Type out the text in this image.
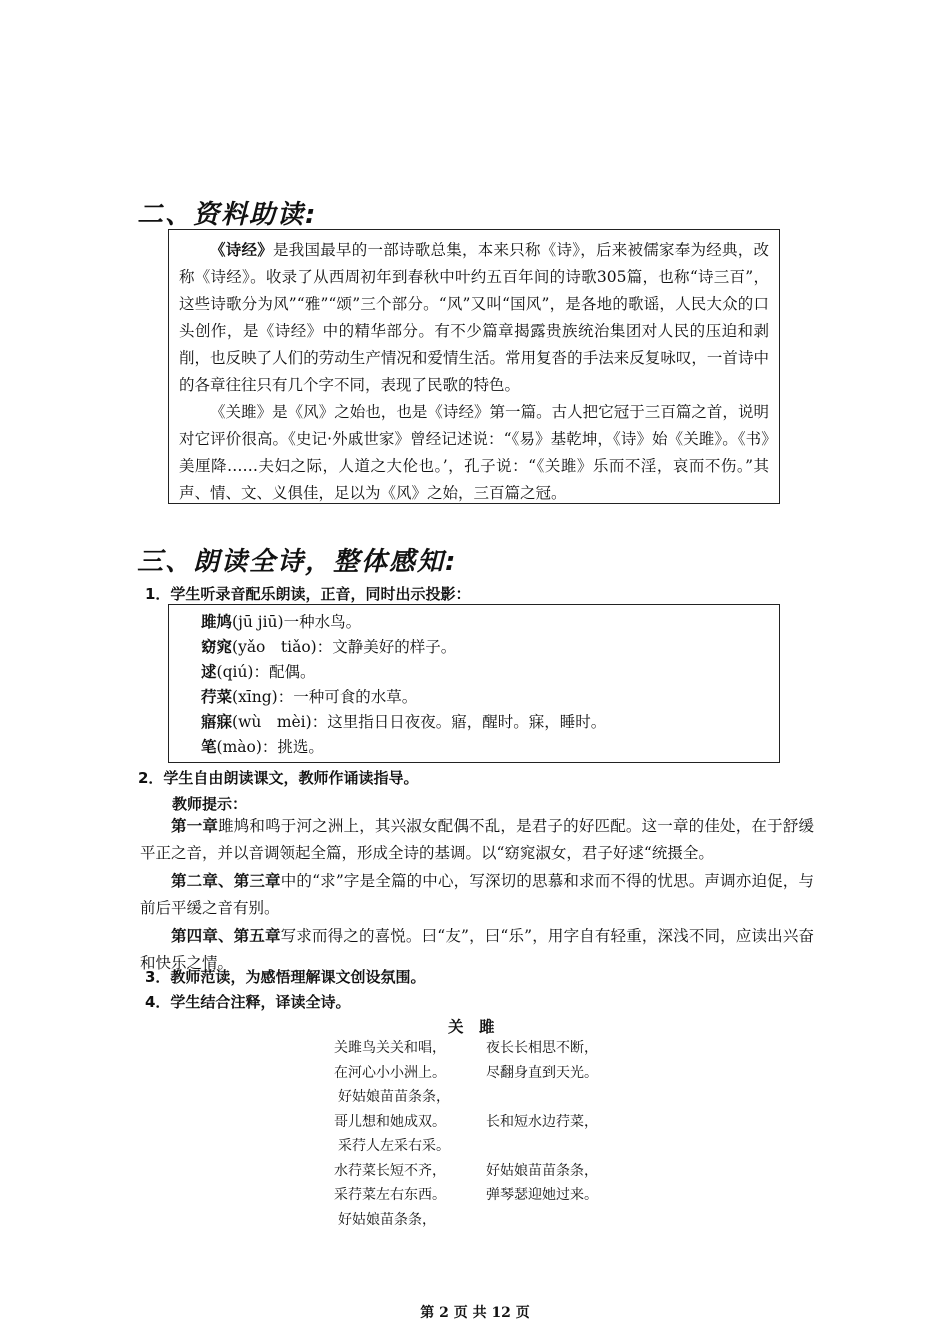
二、资料助读:

《诗经》是我国最早的一部诗歌总集，本来只称《诗》，后来被儒家奉为经典，改称《诗经》。收录了从西周初年到春秋中叶约五百年间的诗歌305篇，也称“诗三百”，这些诗歌分为风”“雅”“颂”三个部分。“风”又叫“国风”，是各地的歌谣，人民大众的口头创作，是《诗经》中的精华部分。有不少篇章揭露贵族统治集团对人民的压迫和剥削，也反映了人们的劳动生产情况和爱情生活。常用复沓的手法来反复咏叹，一首诗中的各章往往只有几个字不同，表现了民歌的特色。

《关雎》是《风》之始也，也是《诗经》第一篇。古人把它冠于三百篇之首，说明对它评价很高。《史记·外戚世家》曾经记述说：“《易》基乾坤，《诗》始《关雎》。《书》美厘降……夫妇之际，人道之大伦也。’，孔子说：“《关雎》乐而不淫，哀而不伤。”其声、情、文、义俱佳，足以为《风》之始，三百篇之冠。

三、朗读全诗，整体感知:
1．学生听录音配乐朗读，正音，同时出示投影：
雎鸠(jū jiū)一种水鸟。
窈窕(yǎo　tiǎo)：文静美好的样子。
逑(qiú)：配偶。
荇菜(xīng)：一种可食的水草。
寤寐(wù　mèi)：这里指日日夜夜。寤，醒时。寐，睡时。
笔(mào)：挑选。
2．学生自由朗读课文，教师作诵读指导。
教师提示：

第一章雎鸠和鸣于河之洲上，其兴淑女配偶不乱，是君子的好匹配。这一章的佳处，在于舒缓平正之音，并以音调领起全篇，形成全诗的基调。以“窈窕淑女，君子好逑“统摄全。

第二章、第三章中的“求”字是全篇的中心，写深切的思慕和求而不得的忧思。声调亦迫促，与前后平缓之音有别。

第四章、第五章写求而得之的喜悦。曰“友”，曰“乐”，用字自有轻重，深浅不同，应读出兴奋和快乐之情。

3．教师范读，为感悟理解课文创设氛围。
4．学生结合注释，译读全诗。
关　雎
关雎鸟关关和唱，
在河心小小洲上。
好姑娘苗苗条条，
哥儿想和她成双。
采荇人左采右采。
水荇菜长短不齐，
采荇菜左右东西。
好姑娘苗条条，
夜长长相思不断，
尽翻身直到天光。
长和短水边荇菜，
好姑娘苗苗条条，
弹琴瑟迎她过来。
第 2 页 共 12 页
